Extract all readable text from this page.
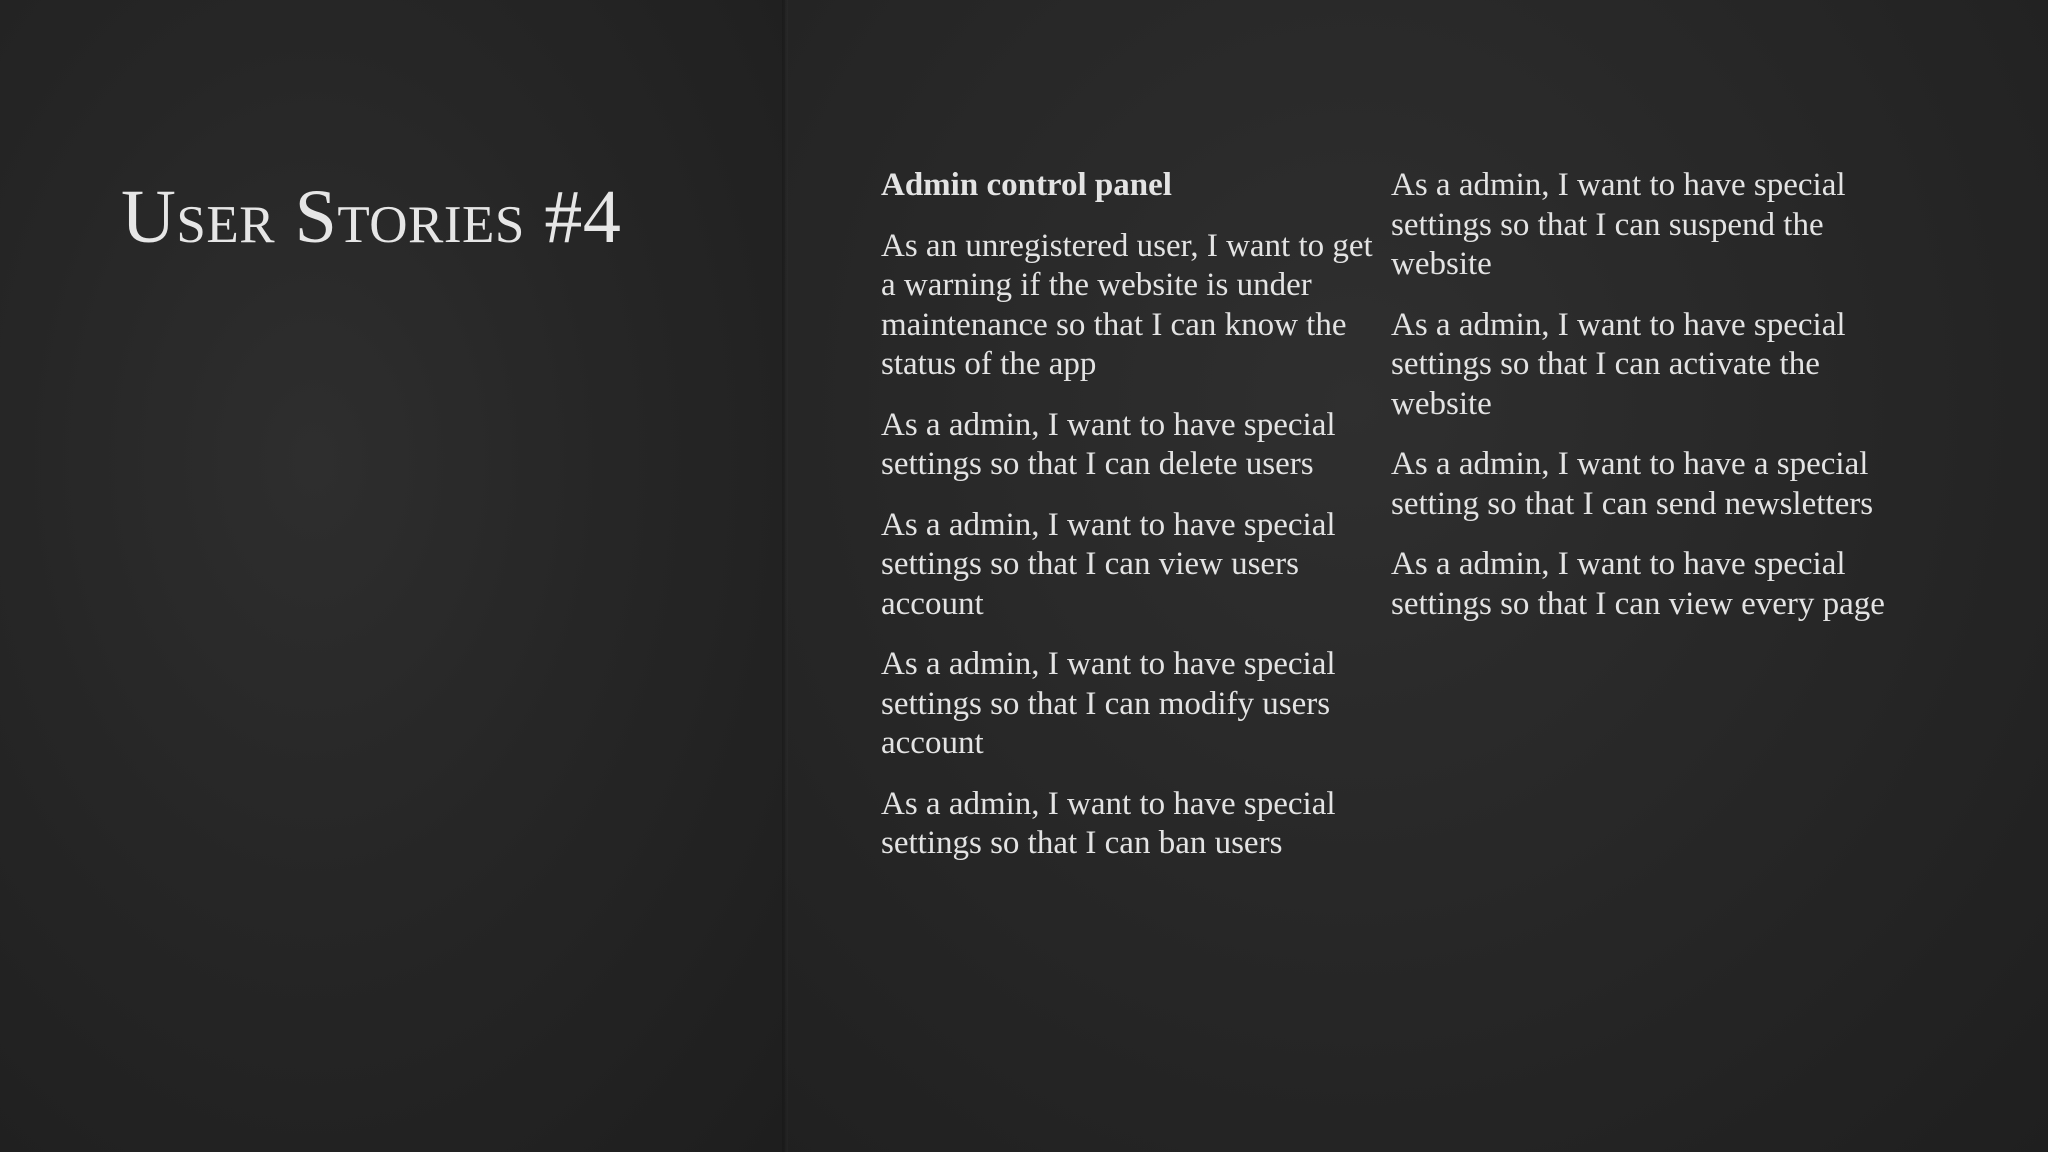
User Stories #4	Admin control panel

As an unregistered user, I want to get a warning if the website is under maintenance so that I can know the status of the app

As a admin, I want to have special settings so that I can delete users

As a admin, I want to have special settings so that I can view users account

As a admin, I want to have special settings so that I can modify users account

As a admin, I want to have special settings so that I can ban users

As a admin, I want to have special settings so that I can suspend the website

As a admin, I want to have special settings so that I can activate the website

As a admin, I want to have a special setting so that I can send newsletters

As a admin, I want to have special settings so that I can view every page
